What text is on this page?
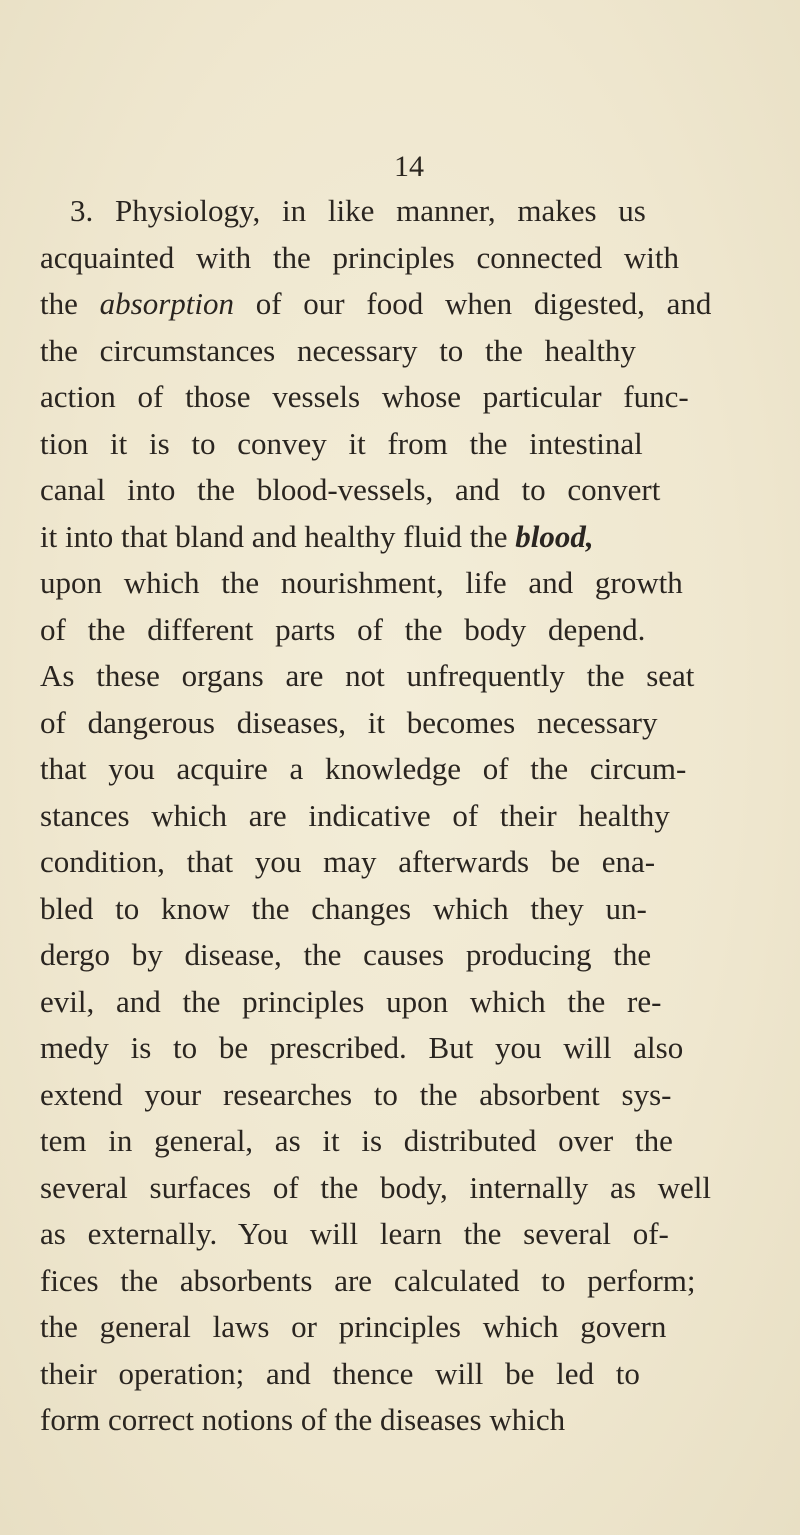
14
3. Physiology, in like manner, makes us
acquainted with the principles connected with
the absorption of our food when digested, and
the circumstances necessary to the healthy
action of those vessels whose particular func-
tion it is to convey it from the intestinal
canal into the blood-vessels, and to convert
it into that bland and healthy fluid the blood,
upon which the nourishment, life and growth
of the different parts of the body depend.
As these organs are not unfrequently the seat
of dangerous diseases, it becomes necessary
that you acquire a knowledge of the circum-
stances which are indicative of their healthy
condition, that you may afterwards be ena-
bled to know the changes which they un-
dergo by disease, the causes producing the
evil, and the principles upon which the re-
medy is to be prescribed. But you will also
extend your researches to the absorbent sys-
tem in general, as it is distributed over the
several surfaces of the body, internally as well
as externally. You will learn the several of-
fices the absorbents are calculated to perform;
the general laws or principles which govern
their operation; and thence will be led to
form correct notions of the diseases which
